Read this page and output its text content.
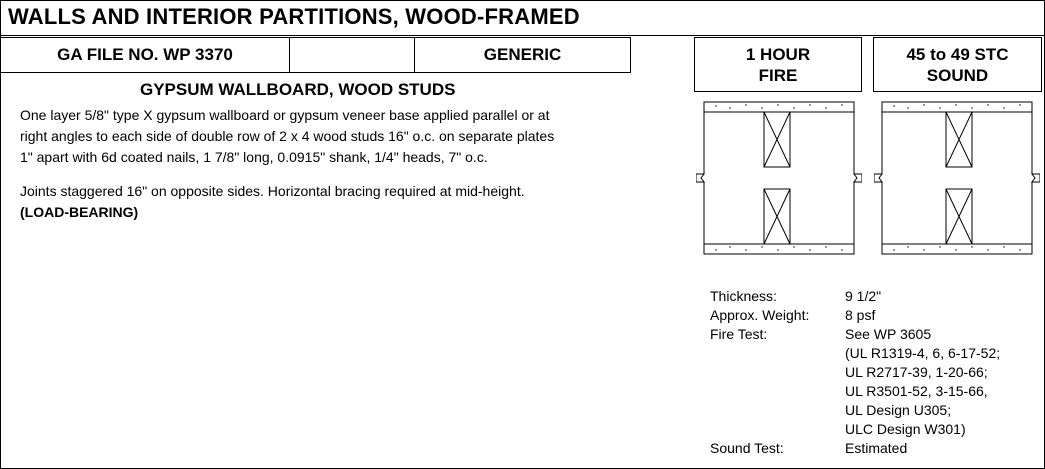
WALLS AND INTERIOR PARTITIONS, WOOD-FRAMED
GA FILE NO. WP 3370	GENERIC	1 HOUR
FIRE
45 to 49 STC
SOUND
GYPSUM WALLBOARD, WOOD STUDS

One layer 5/8" type X gypsum wallboard or gypsum veneer base applied parallel or at

right angles to each side of double row of 2 x 4 wood studs 16" o.c. on separate plates

1" apart with 6d coated nails, 1 7/8" long, 0.0915" shank, 1/4" heads, 7" o.c.

Joints staggered 16" on opposite sides. Horizontal bracing required at mid-height.

(LOAD-BEARING)

Thickness:	9 1/2"
Approx. Weight:	8 psf
Fire Test:	See WP 3605
(UL R1319-4, 6, 6-17-52;
UL R2717-39, 1-20-66;
UL R3501-52, 3-15-66,
UL Design U305;
ULC Design W301)
Sound Test:	Estimated
